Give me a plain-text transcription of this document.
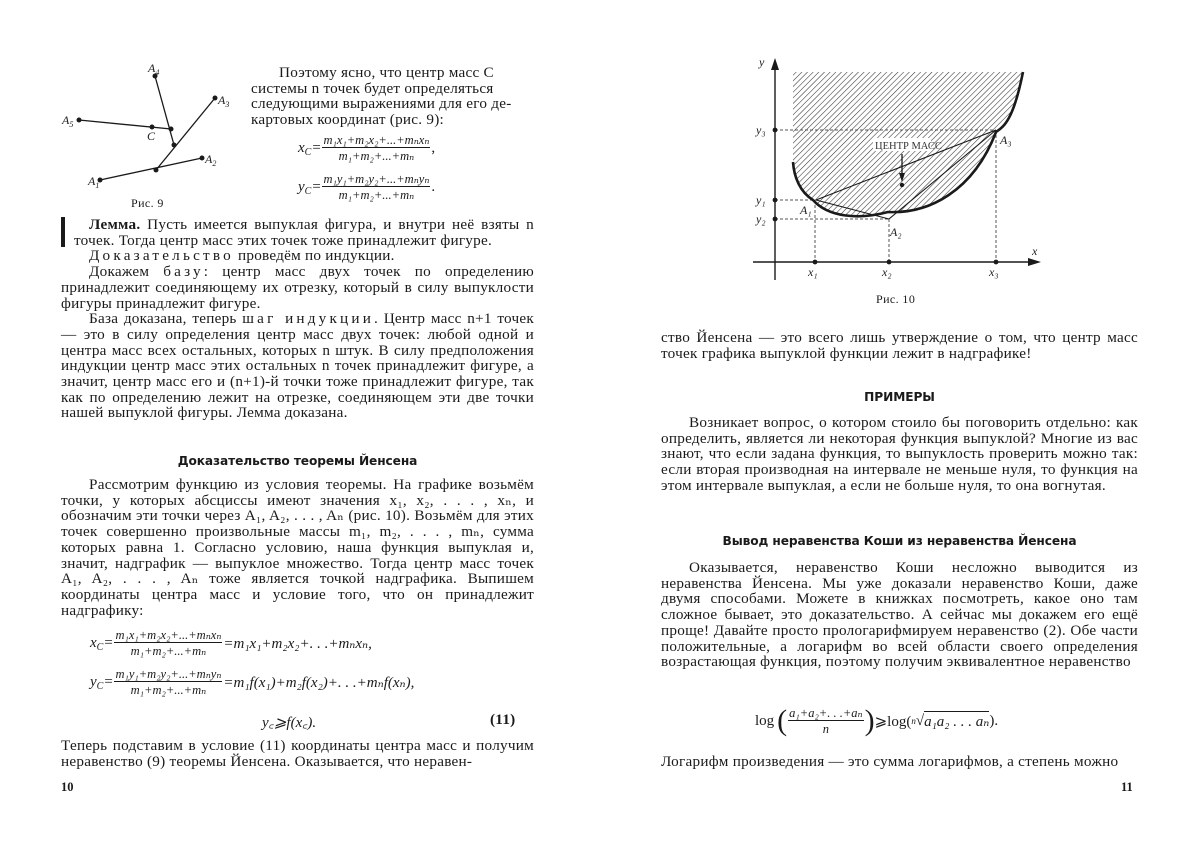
$A_1$
$A_2$
$A_3$
$A_4$
$A_5$
C
Рис. 9
Поэтому ясно, что центр масс C
системы n точек будет определяться
следующими выражениями для его де-
картовых координат (рис. 9):
$x_C= \frac{\text{m₁x₁+m₂x₂+...+mₙxₙ}}{\text{m₁+m₂+...+mₙ}}$ ,
$y_C= \frac{\text{m₁y₁+m₂y₂+...+mₙyₙ}}{\text{m₁+m₂+...+mₙ}}$ .

Лемма. Пусть имеется выпуклая фигура, и внутри неё взяты n точек. Тогда центр масс этих точек тоже принадлежит фигуре.

Доказательство проведём по индукции.

Докажем базу: центр масс двух точек по определению принадлежит соединяющему их отрезку, который в силу выпуклости фигуры принадлежит фигуре.

База доказана, теперь шаг индукции. Центр масс n+1 точек — это в силу определения центр масс двух точек: любой одной и центра масс всех остальных, которых n штук. В силу предположения индукции центр масс этих остальных n точек принадлежит фигуре, а значит, центр масс его и (n+1)-й точки тоже принадлежит фигуре, так как по определению лежит на отрезке, соединяющем эти две точки нашей выпуклой фигуры. Лемма доказана.

Доказательство теоремы Йенсена
Рассмотрим функцию из условия теоремы. На графике возьмём точки, у которых абсциссы имеют значения x₁, x₂, . . . , xₙ, и обозначим эти точки через A₁, A₂, . . . , Aₙ (рис. 10). Возьмём для этих точек совершенно произвольные массы m₁, m₂, . . . , mₙ, сумма которых равна 1. Согласно условию, наша функция выпуклая и, значит, надграфик — выпуклое множество. Тогда центр масс точек A₁, A₂, . . . , Aₙ тоже является точкой надграфика. Выпишем координаты центра масс и условие того, что он принадлежит надграфику:
$x_C= \frac{\text{m₁x₁+m₂x₂+...+mₙxₙ}}{\text{m₁+m₂+...+mₙ}} =m_1x_1+m_2x_2+$. . .+mₙxₙ,
$y_C= \frac{\text{m₁y₁+m₂y₂+...+mₙyₙ}}{\text{m₁+m₂+...+mₙ}} =m_1f(x_1)+m_2f(x_2)+$. . .+mₙf(xₙ),
y꜀⩾f(x꜀).	(11)
Теперь подставим в условие (11) координаты центра масс и получим неравенство (9) теоремы Йенсена. Оказывается, что неравен-
10
ЦЕНТР МАСС
y
x
x₁	x₂	x₃
y₃
y₁
y₂
A₁
A₂
A₃
Рис. 10
ство Йенсена — это всего лишь утверждение о том, что центр масс точек графика выпуклой функции лежит в надграфике!
ПРИМЕРЫ
Возникает вопрос, о котором стоило бы поговорить отдельно: как определить, является ли некоторая функция выпуклой? Многие из вас знают, что если задана функция, то выпуклость проверить можно так: если вторая производная на интервале не меньше нуля, то функция на этом интервале выпуклая, а если не больше нуля, то она вогнутая.
Вывод неравенства Коши из неравенства Йенсена
Оказывается, неравенство Коши несложно выводится из неравенства Йенсена. Мы уже доказали неравенство Коши, даже двумя способами. Можете в книжках посмотреть, какое оно там сложное бывает, это доказательство. А сейчас мы докажем его ещё проще! Давайте просто прологарифмируем неравенство (2). Обе части положительные, а логарифм во всей области своего определения возрастающая функция, поэтому получим эквивалентное неравенство
log ( $\frac{\text{a₁+a₂+. . .+aₙ}}{n}$ ) ⩾log( n √ a₁a₂ . . . aₙ ).
Логарифм произведения — это сумма логарифмов, а степень можно
11
